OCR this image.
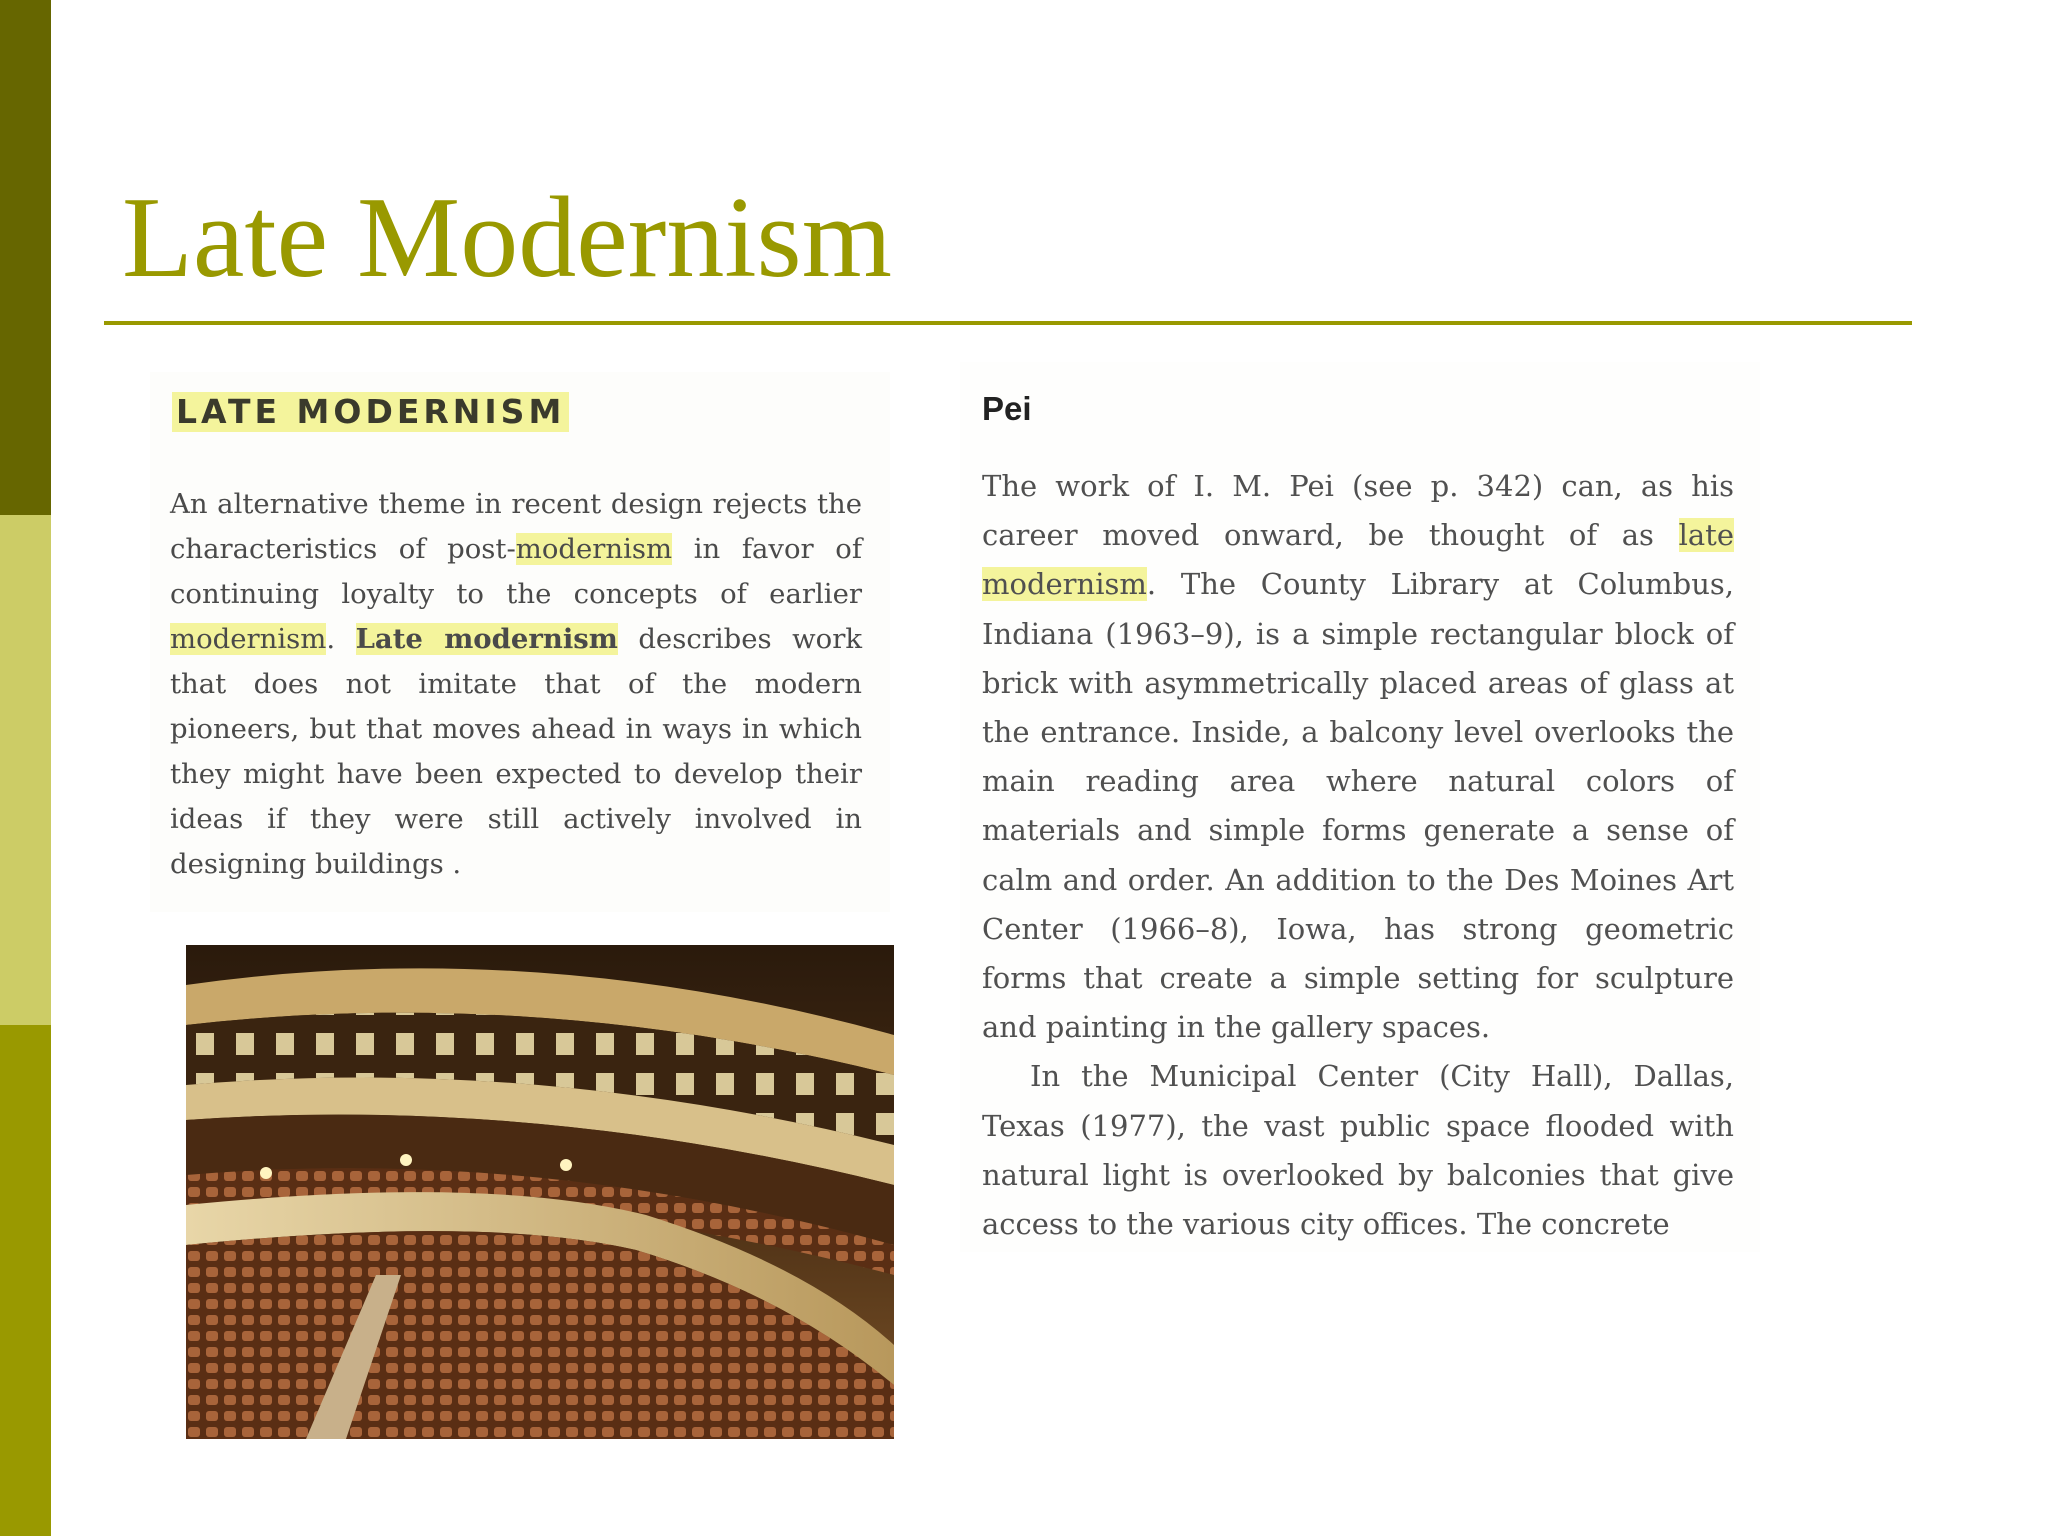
Late Modernism
LATE MODERNISM

An alternative theme in recent design rejects the characteristics of post-modernism in favor of continuing loyalty to the concepts of earlier modernism. Late modernism describes work that does not imitate that of the modern pioneers, but that moves ahead in ways in which they might have been expected to develop their ideas if they were still actively involved in designing buildings .

Pei

The work of I. M. Pei (see p. 342) can, as his career moved onward, be thought of as late modernism. The County Library at Columbus, Indiana (1963–9), is a simple rectangular block of brick with asymmetrically placed areas of glass at the entrance. Inside, a balcony level overlooks the main reading area where natural colors of materials and simple forms generate a sense of calm and order. An addition to the Des Moines Art Center (1966–8), Iowa, has strong geometric forms that create a simple setting for sculpture and painting in the gallery spaces.
In the Municipal Center (City Hall), Dallas, Texas (1977), the vast public space flooded with natural light is overlooked by balconies that give access to the various city offices. The concrete
